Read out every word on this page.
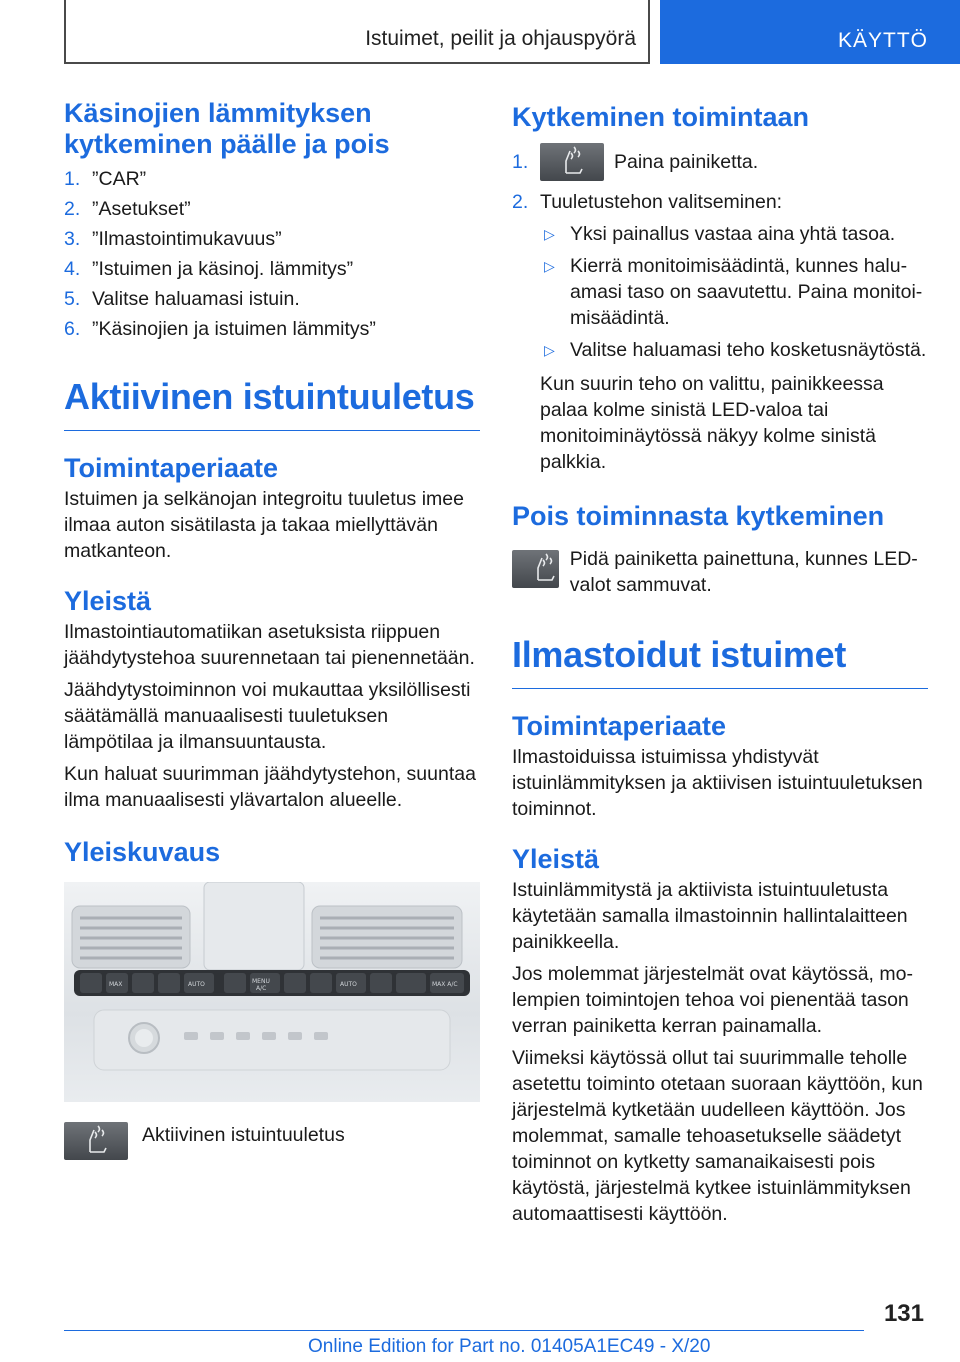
Istuimet, peilit ja ohjauspyörä	KÄYTTÖ
Käsinojien lämmityksen kytkeminen päälle ja pois
1. ”CAR”
2. ”Asetukset”
3. ”Ilmastointimukavuus”
4. ”Istuimen ja käsinoj. lämmitys”
5. Valitse haluamasi istuin.
6. ”Käsinojien ja istuimen lämmitys”
Aktiivinen istuintuuletus
Toimintaperiaate

Istuimen ja selkänojan integroitu tuuletus imee ilmaa auton sisätilasta ja takaa miellyttävän matkanteon.

Yleistä

Ilmastointiautomatiikan asetuksista riippuen jäähdytystehoa suurennetaan tai pienennetään.

Jäähdytystoiminnon voi mukauttaa yksilöllisesti säätämällä manuaalisesti tuuletuksen lämpötilaa ja ilmansuuntausta.

Kun haluat suurimman jäähdytystehon, suuntaa ilma manuaalisesti ylävartalon alueelle.

Yleiskuvaus
MAX	AUTO	MENU
A/C
AUTO	MAX A/C

Aktiivinen istuintuuletus

Kytkeminen toimintaan
1.	Paina painiketta.
2. Tuuletustehon valitseminen:
▷ Yksi painallus vastaa aina yhtä tasoa.
▷ Kierrä monitoimisäädintä, kunnes haluamasi taso on saavutettu. Paina monitoimisäädintä.
▷ Valitse haluamasi teho kosketusnäytöstä.

Kun suurin teho on valittu, painikkeessa palaa kolme sinistä LED-valoa tai monitoiminäytössä näkyy kolme sinistä palkkia.

Pois toiminnasta kytkeminen

Pidä painiketta painettuna, kunnes LED-valot sammuvat.

Ilmastoidut istuimet
Toimintaperiaate

Ilmastoiduissa istuimissa yhdistyvät istuinlämmityksen ja aktiivisen istuintuuletuksen toiminnot.

Yleistä

Istuinlämmitystä ja aktiivista istuintuuletusta käytetään samalla ilmastoinnin hallintalaitteen painikkeella.

Jos molemmat järjestelmät ovat käytössä, molempien toimintojen tehoa voi pienentää tason verran painiketta kerran painamalla.

Viimeksi käytössä ollut tai suurimmalle teholle asetettu toiminto otetaan suoraan käyttöön, kun järjestelmä kytketään uudelleen käyttöön. Jos molemmat, samalle tehoasetukselle säädetyt toiminnot on kytketty samanaikaisesti pois käytöstä, järjestelmä kytkee istuinlämmityksen automaattisesti käyttöön.

131
Online Edition for Part no. 01405A1EC49 - X/20
